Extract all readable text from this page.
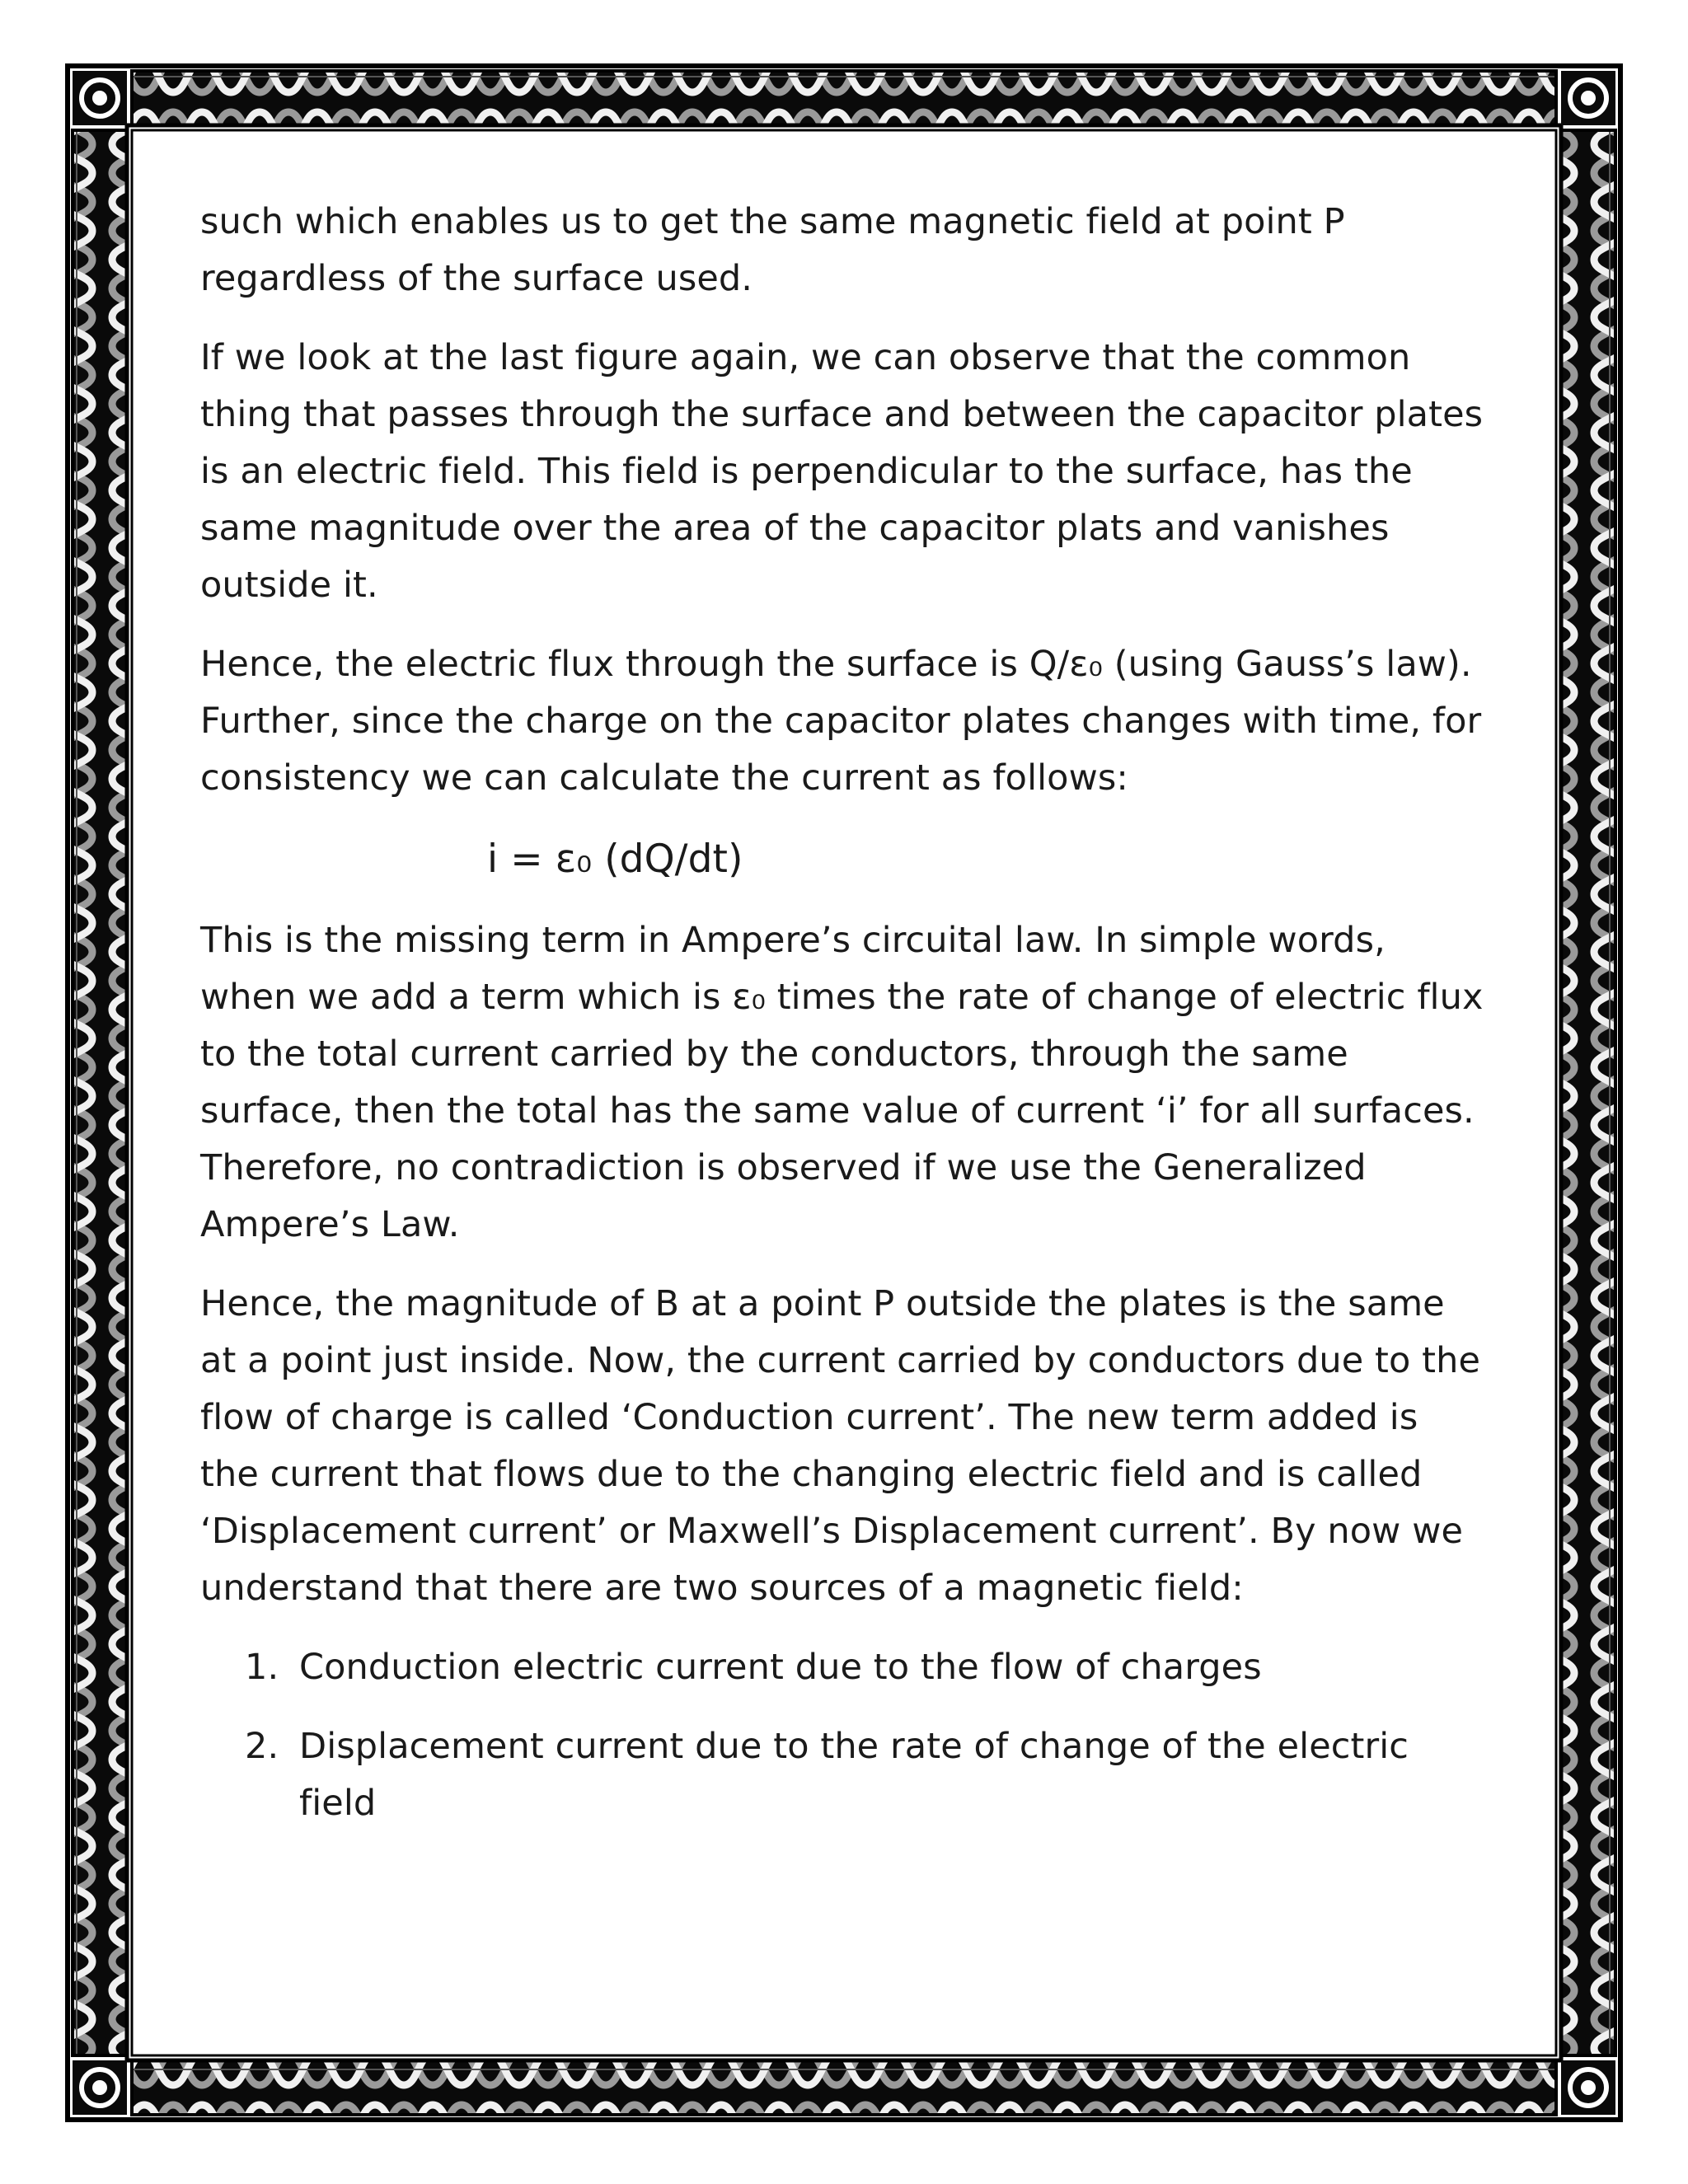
such which enables us to get the same magnetic field at point P regardless of the surface used.

If we look at the last figure again, we can observe that the common thing that passes through the surface and between the capacitor plates is an electric field. This field is perpendicular to the surface, has the same magnitude over the area of the capacitor plats and vanishes outside it.

Hence, the electric flux through the surface is Q/ε₀ (using Gauss’s law). Further, since the charge on the capacitor plates changes with time, for consistency we can calculate the current as follows:

i = ε₀ (dQ/dt)

This is the missing term in Ampere’s circuital law. In simple words, when we add a term which is ε₀ times the rate of change of electric flux to the total current carried by the conductors, through the same surface, then the total has the same value of current ‘i’ for all surfaces. Therefore, no contradiction is observed if we use the Generalized Ampere’s Law.

Hence, the magnitude of B at a point P outside the plates is the same at a point just inside. Now, the current carried by conductors due to the flow of charge is called ‘Conduction current’. The new term added is the current that flows due to the changing electric field and is called ‘Displacement current’ or Maxwell’s Displacement current’. By now we understand that there are two sources of a magnetic field:

1. Conduction electric current due to the flow of charges
2. Displacement current due to the rate of change of the electric field
